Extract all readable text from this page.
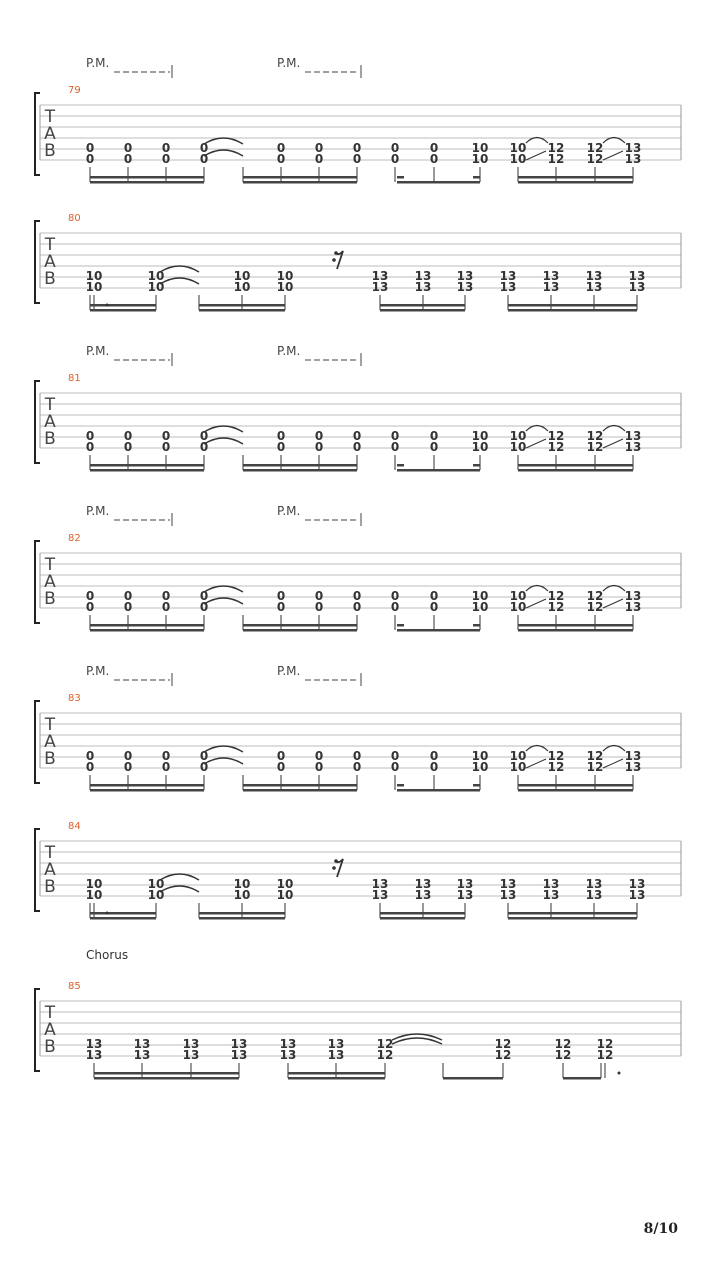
T
A
B
79
P.M.	P.M.
0
0
0
0
0
0
0
0
0
0
0
0
0
0
0
0
0
0
10
10
10
10
12
12
12
12
13
13
T
A
B
80
10
10
10
10
10
10
10
10
13
13
13
13
13
13
13
13
13
13
13
13
13
13
T
A
B
81
P.M.	P.M.
0
0
0
0
0
0
0
0
0
0
0
0
0
0
0
0
0
0
10
10
10
10
12
12
12
12
13
13
T
A
B
82
P.M.	P.M.
0
0
0
0
0
0
0
0
0
0
0
0
0
0
0
0
0
0
10
10
10
10
12
12
12
12
13
13
T
A
B
83
P.M.	P.M.
0
0
0
0
0
0
0
0
0
0
0
0
0
0
0
0
0
0
10
10
10
10
12
12
12
12
13
13
T
A
B
84
10
10
10
10
10
10
10
10
13
13
13
13
13
13
13
13
13
13
13
13
13
13
T
A
B
85
Chorus
13
13
13
13
13
13
13
13
13
13
13
13
12
12
12
12
12
12
12
12
8/10
